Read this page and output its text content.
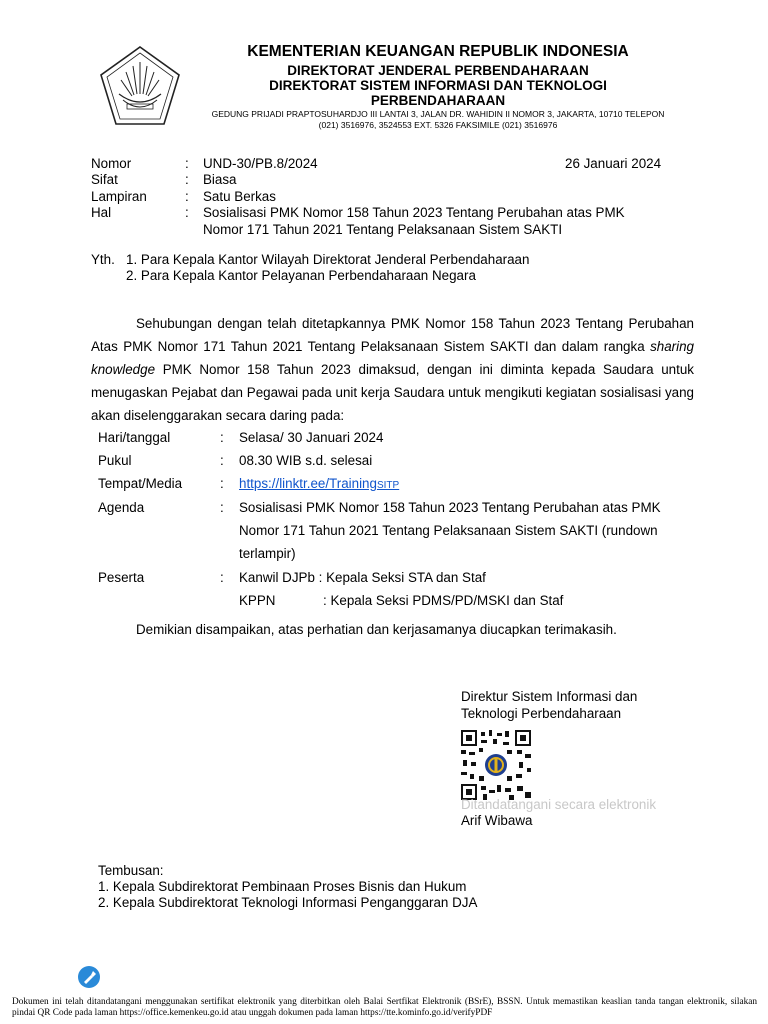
KEMENTERIAN KEUANGAN REPUBLIK INDONESIA
DIREKTORAT JENDERAL PERBENDAHARAAN
DIREKTORAT SISTEM INFORMASI DAN TEKNOLOGI
PERBENDAHARAAN
GEDUNG PRIJADI PRAPTOSUHARDJO III LANTAI 3, JALAN DR. WAHIDIN II NOMOR 3, JAKARTA, 10710 TELEPON
(021) 3516976, 3524553 EXT. 5326 FAKSIMILE (021) 3516976
Nomor	: UND-30/PB.8/2024	26 Januari 2024
Sifat	: Biasa
Lampiran	: Satu Berkas
Hal	: Sosialisasi PMK Nomor 158 Tahun 2023 Tentang Perubahan atas PMK
Nomor 171 Tahun 2021 Tentang Pelaksanaan Sistem SAKTI
Yth. 1. Para Kepala Kantor Wilayah Direktorat Jenderal Perbendaharaan
2. Para Kepala Kantor Pelayanan Perbendaharaan Negara
Sehubungan dengan telah ditetapkannya PMK Nomor 158 Tahun 2023 Tentang Perubahan Atas PMK Nomor 171 Tahun 2021 Tentang Pelaksanaan Sistem SAKTI dan dalam rangka sharing knowledge PMK Nomor 158 Tahun 2023 dimaksud, dengan ini diminta kepada Saudara untuk menugaskan Pejabat dan Pegawai pada unit kerja Saudara untuk mengikuti kegiatan sosialisasi yang akan diselenggarakan secara daring pada:
Hari/tanggal	: Selasa/ 30 Januari 2024
Pukul	: 08.30 WIB s.d. selesai
Tempat/Media	: https://linktr.ee/TrainingSITP
Agenda	: Sosialisasi PMK Nomor 158 Tahun 2023 Tentang Perubahan atas PMK
Nomor 171 Tahun 2021 Tentang Pelaksanaan Sistem SAKTI (rundown
terlampir)
Peserta	: Kanwil DJPb : Kepala Seksi STA dan Staf
KPPN	: Kepala Seksi PDMS/PD/MSKI dan Staf
Demikian disampaikan, atas perhatian dan kerjasamanya diucapkan terimakasih.
Direktur Sistem Informasi dan
Teknologi Perbendaharaan
Ditandatangani secara elektronik
Arif Wibawa
Tembusan:
1. Kepala Subdirektorat Pembinaan Proses Bisnis dan Hukum
2. Kepala Subdirektorat Teknologi Informasi Penganggaran DJA
Dokumen ini telah ditandatangani menggunakan sertifikat elektronik yang diterbitkan oleh Balai Sertfikat Elektronik (BSrE), BSSN. Untuk memastikan keaslian tanda tangan elektronik, silakan pindai QR Code pada laman https://office.kemenkeu.go.id atau unggah dokumen pada laman https://tte.kominfo.go.id/verifyPDF
